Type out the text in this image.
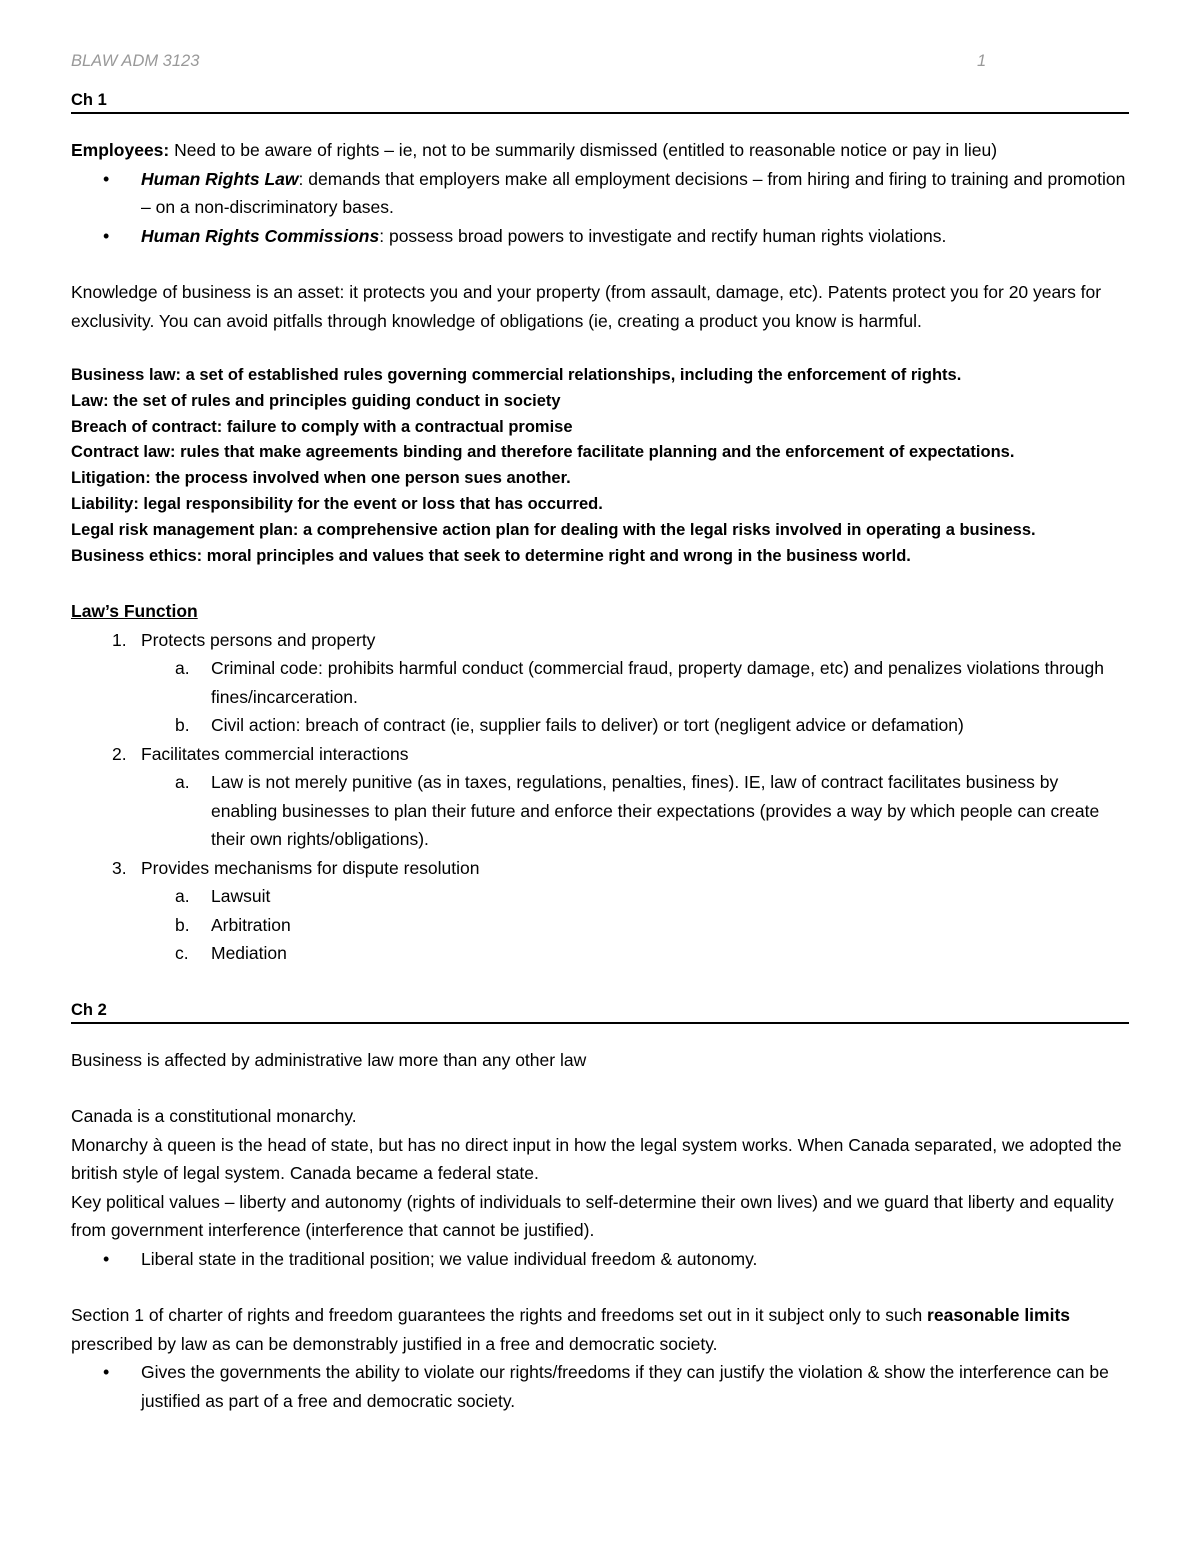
BLAW ADM 3123	1
Ch 1

Employees: Need to be aware of rights – ie, not to be summarily dismissed (entitled to reasonable notice or pay in lieu)

• Human Rights Law: demands that employers make all employment decisions – from hiring and firing to training and promotion – on a non-discriminatory bases.
• Human Rights Commissions: possess broad powers to investigate and rectify human rights violations.

Knowledge of business is an asset: it protects you and your property (from assault, damage, etc). Patents protect you for 20 years for exclusivity. You can avoid pitfalls through knowledge of obligations (ie, creating a product you know is harmful.

Business law: a set of established rules governing commercial relationships, including the enforcement of rights.

Law: the set of rules and principles guiding conduct in society

Breach of contract: failure to comply with a contractual promise

Contract law: rules that make agreements binding and therefore facilitate planning and the enforcement of expectations.

Litigation: the process involved when one person sues another.

Liability: legal responsibility for the event or loss that has occurred.

Legal risk management plan: a comprehensive action plan for dealing with the legal risks involved in operating a business.

Business ethics: moral principles and values that seek to determine right and wrong in the business world.

Law’s Function

1. Protects persons and property
a. Criminal code: prohibits harmful conduct (commercial fraud, property damage, etc) and penalizes violations through fines/incarceration.
b. Civil action: breach of contract (ie, supplier fails to deliver) or tort (negligent advice or defamation)
2. Facilitates commercial interactions
a. Law is not merely punitive (as in taxes, regulations, penalties, fines). IE, law of contract facilitates business by enabling businesses to plan their future and enforce their expectations (provides a way by which people can create their own rights/obligations).
3. Provides mechanisms for dispute resolution
a. Lawsuit
b. Arbitration
c. Mediation
Ch 2

Business is affected by administrative law more than any other law

Canada is a constitutional monarchy.

Monarchy à queen is the head of state, but has no direct input in how the legal system works. When Canada separated, we adopted the british style of legal system. Canada became a federal state.

Key political values – liberty and autonomy (rights of individuals to self-determine their own lives) and we guard that liberty and equality from government interference (interference that cannot be justified).

• Liberal state in the traditional position; we value individual freedom & autonomy.

Section 1 of charter of rights and freedom guarantees the rights and freedoms set out in it subject only to such reasonable limits prescribed by law as can be demonstrably justified in a free and democratic society.

• Gives the governments the ability to violate our rights/freedoms if they can justify the violation & show the interference can be justified as part of a free and democratic society.
